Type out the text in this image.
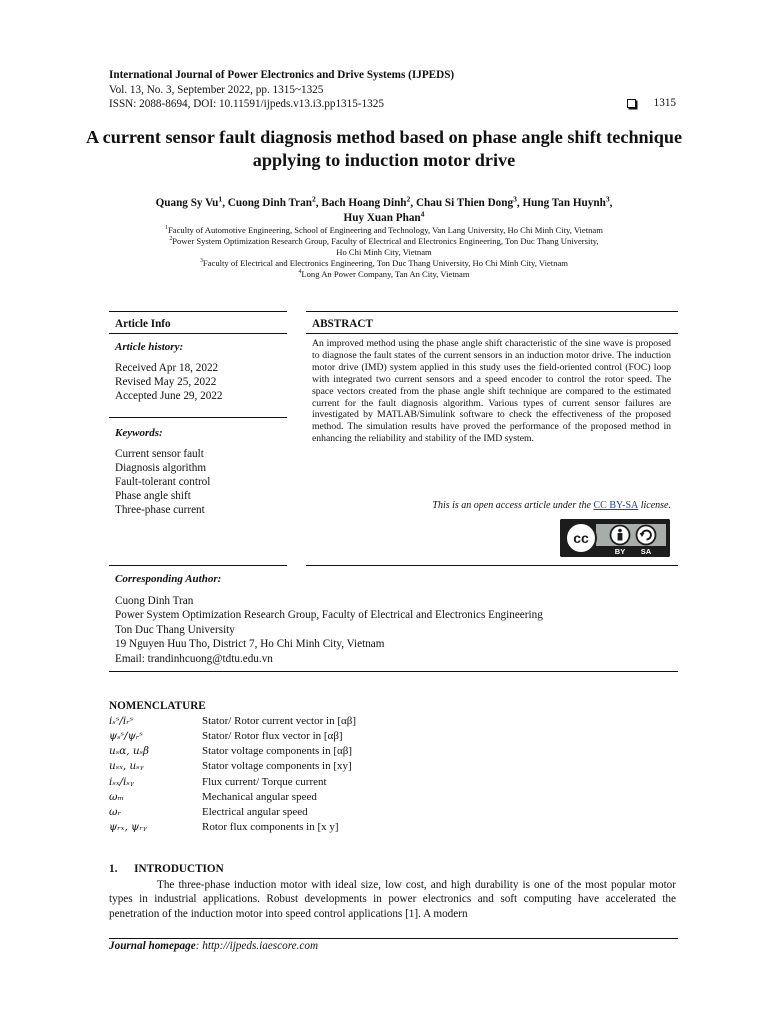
International Journal of Power Electronics and Drive Systems (IJPEDS)
Vol. 13, No. 3, September 2022, pp. 1315~1325
ISSN: 2088-8694, DOI: 10.11591/ijpeds.v13.i3.pp1315-1325	1315
A current sensor fault diagnosis method based on phase angle shift technique applying to induction motor drive
Quang Sy Vu$^1$, Cuong Dinh Tran$^2$, Bach Hoang Dinh$^2$, Chau Si Thien Dong$^3$, Hung Tan Huynh$^3$,
Huy Xuan Phan$^4$
$^1$Faculty of Automotive Engineering, School of Engineering and Technology, Van Lang University, Ho Chi Minh City, Vietnam
$^2$Power System Optimization Research Group, Faculty of Electrical and Electronics Engineering, Ton Duc Thang University,
Ho Chi Minh City, Vietnam
$^3$Faculty of Electrical and Electronics Engineering, Ton Duc Thang University, Ho Chi Minh City, Vietnam
$^4$Long An Power Company, Tan An City, Vietnam
Article Info
Article history:
Received Apr 18, 2022
Revised May 25, 2022
Accepted June 29, 2022
Keywords:
Current sensor fault
Diagnosis algorithm
Fault-tolerant control
Phase angle shift
Three-phase current
ABSTRACT
An improved method using the phase angle shift characteristic of the sine wave is proposed to diagnose the fault states of the current sensors in an induction motor drive. The induction motor drive (IMD) system applied in this study uses the field-oriented control (FOC) loop with integrated two current sensors and a speed encoder to control the rotor speed. The space vectors created from the phase angle shift technique are compared to the estimated current for the fault diagnosis algorithm. Various types of current sensor failures are investigated by MATLAB/Simulink software to check the effectiveness of the proposed method. The simulation results have proved the performance of the proposed method in enhancing the reliability and stability of the IMD system.
This is an open access article under the CC BY-SA license.
cc
BY SA
Corresponding Author:
Cuong Dinh Tran
Power System Optimization Research Group, Faculty of Electrical and Electronics Engineering
Ton Duc Thang University
19 Nguyen Huu Tho, District 7, Ho Chi Minh City, Vietnam
Email: trandinhcuong@tdtu.edu.vn
NOMENCLATURE
iₛˢ/iᵣˢ	Stator/ Rotor current vector in [αβ]
ψₛˢ/ψᵣˢ	Stator/ Rotor flux vector in [αβ]
uₛα, uₛβ	Stator voltage components in [αβ]
uₛₓ, uₛᵧ	Stator voltage components in [xy]
iₛₓ/iₛᵧ	Flux current/ Torque current
ωₘ	Mechanical angular speed
ωᵣ	Electrical angular speed
ψᵣₓ, ψᵣᵧ	Rotor flux components in [x y]
1.      INTRODUCTION
The three-phase induction motor with ideal size, low cost, and high durability is one of the most popular motor types in industrial applications. Robust developments in power electronics and soft computing have accelerated the penetration of the induction motor into speed control applications [1]. A modern
Journal homepage: http://ijpeds.iaescore.com
